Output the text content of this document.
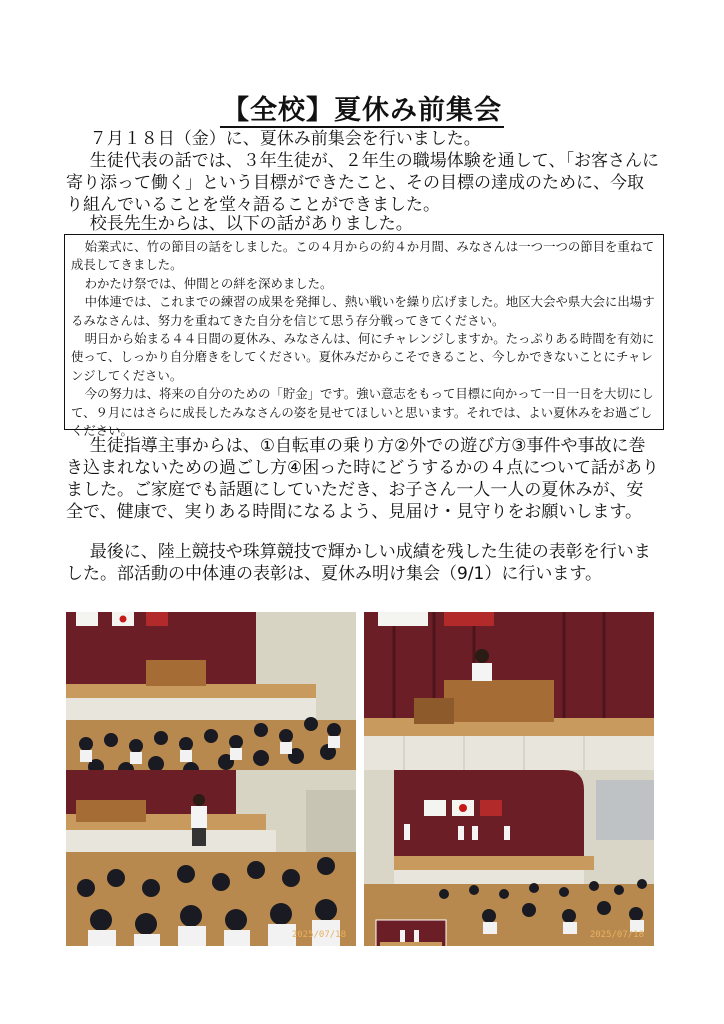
【全校】夏休み前集会

７月１８日（金）に、夏休み前集会を行いました。

生徒代表の話では、３年生徒が、２年生の職場体験を通して、「お客さんに寄り添って働く」という目標ができたこと、その目標の達成のために、今取り組んでいることを堂々語ることができました。

校長先生からは、以下の話がありました。

始業式に、竹の節目の話をしました。この４月からの約４か月間、みなさんは一つ一つの節目を重ねて成長してきました。

わかたけ祭では、仲間との絆を深めました。

中体連では、これまでの練習の成果を発揮し、熱い戦いを繰り広げました。地区大会や県大会に出場するみなさんは、努力を重ねてきた自分を信じて思う存分戦ってきてください。

明日から始まる４４日間の夏休み、みなさんは、何にチャレンジしますか。たっぷりある時間を有効に使って、しっかり自分磨きをしてください。夏休みだからこそできること、今しかできないことにチャレンジしてください。

今の努力は、将来の自分のための「貯金」です。強い意志をもって目標に向かって一日一日を大切にして、９月にはさらに成長したみなさんの姿を見せてほしいと思います。それでは、よい夏休みをお過ごしください。

生徒指導主事からは、①自転車の乗り方②外での遊び方③事件や事故に巻き込まれないための過ごし方④困った時にどうするかの４点について話がありました。ご家庭でも話題にしていただき、お子さん一人一人の夏休みが、安全で、健康で、実りある時間になるよう、見届け・見守りをお願いします。

最後に、陸上競技や珠算競技で輝かしい成績を残した生徒の表彰を行いました。部活動の中体連の表彰は、夏休み明け集会（9/1）に行います。

2025/07/18	2025/07/18
